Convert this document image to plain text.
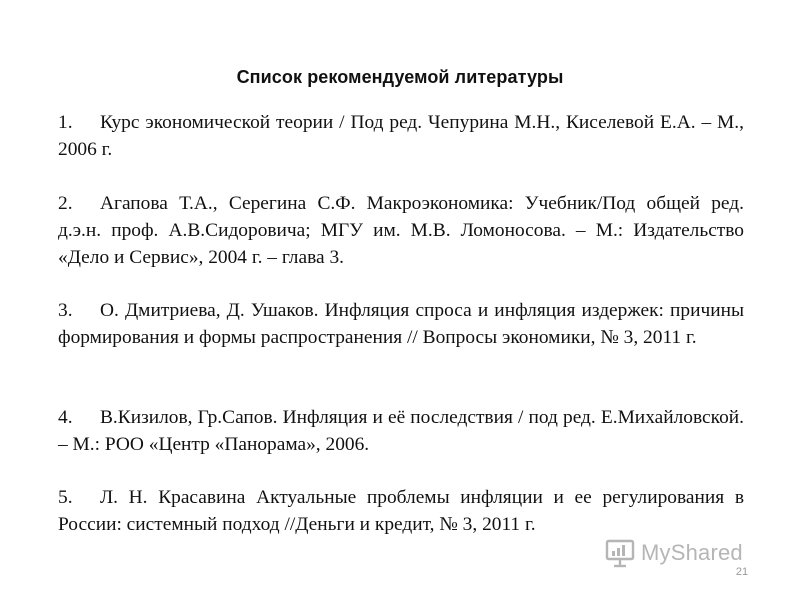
Список рекомендуемой литературы
1. Курс экономической теории / Под ред. Чепурина М.Н., Киселевой Е.А. – М., 2006 г.
2. Агапова Т.А., Серегина С.Ф. Макроэкономика: Учебник/Под общей ред. д.э.н. проф. А.В.Сидоровича; МГУ им. М.В. Ломоносова. – М.: Издательство «Дело и Сервис», 2004 г. – глава 3.
3. О. Дмитриева, Д. Ушаков. Инфляция спроса и инфляция издержек: причины формирования и формы распространения // Вопросы экономики, № 3, 2011 г.
4. В.Кизилов, Гр.Сапов. Инфляция и её последствия / под ред. Е.Михайловской. – М.: РОО «Центр «Панорама», 2006.
5. Л. Н. Красавина Актуальные проблемы инфляции и ее регулирования в России: системный подход //Деньги и кредит, № 3, 2011 г.
MyShared
21
